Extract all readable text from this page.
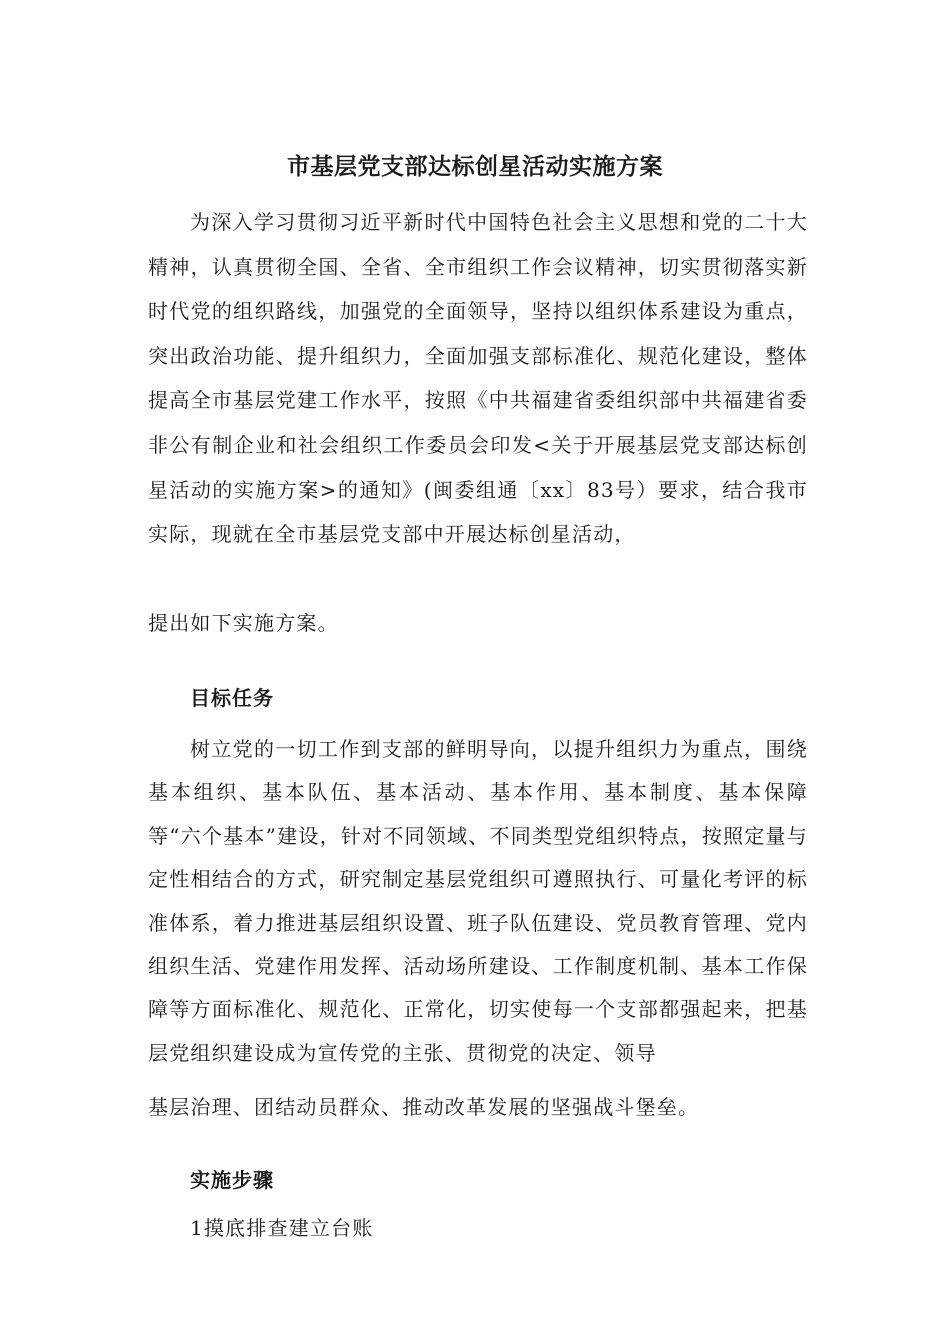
市基层党支部达标创星活动实施方案

为深入学习贯彻习近平新时代中国特色社会主义思想和党的二十大精神，认真贯彻全国、全省、全市组织工作会议精神，切实贯彻落实新时代党的组织路线，加强党的全面领导，坚持以组织体系建设为重点，突出政治功能、提升组织力，全面加强支部标准化、规范化建设，整体提高全市基层党建工作水平，按照《中共福建省委组织部中共福建省委非公有制企业和社会组织工作委员会印发<关于开展基层党支部达标创星活动的实施方案>的通知》(闽委组通〔xx〕83号）要求，结合我市实际，现就在全市基层党支部中开展达标创星活动，

提出如下实施方案。

目标任务

树立党的一切工作到支部的鲜明导向，以提升组织力为重点，围绕基本组织、基本队伍、基本活动、基本作用、基本制度、基本保障等“六个基本”建设，针对不同领域、不同类型党组织特点，按照定量与定性相结合的方式，研究制定基层党组织可遵照执行、可量化考评的标准体系，着力推进基层组织设置、班子队伍建设、党员教育管理、党内组织生活、党建作用发挥、活动场所建设、工作制度机制、基本工作保障等方面标准化、规范化、正常化，切实使每一个支部都强起来，把基层党组织建设成为宣传党的主张、贯彻党的决定、领导

基层治理、团结动员群众、推动改革发展的坚强战斗堡垒。

实施步骤
1摸底排查建立台账
